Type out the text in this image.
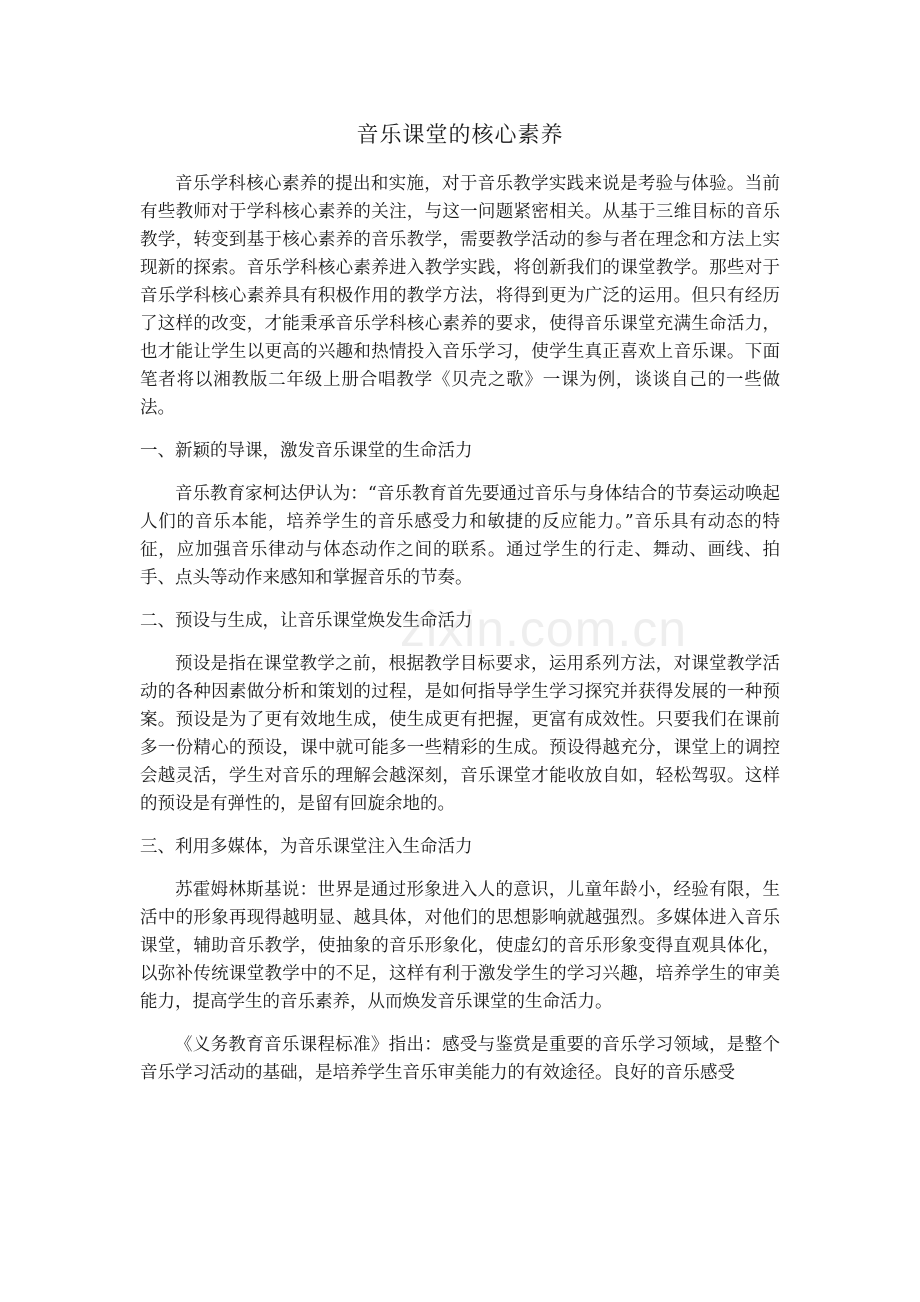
音乐课堂的核心素养

音乐学科核心素养的提出和实施，对于音乐教学实践来说是考验与体验。当前有些教师对于学科核心素养的关注，与这一问题紧密相关。从基于三维目标的音乐教学，转变到基于核心素养的音乐教学，需要教学活动的参与者在理念和方法上实现新的探索。音乐学科核心素养进入教学实践，将创新我们的课堂教学。那些对于音乐学科核心素养具有积极作用的教学方法，将得到更为广泛的运用。但只有经历了这样的改变，才能秉承音乐学科核心素养的要求，使得音乐课堂充满生命活力，也才能让学生以更高的兴趣和热情投入音乐学习，使学生真正喜欢上音乐课。下面笔者将以湘教版二年级上册合唱教学《贝壳之歌》一课为例，谈谈自己的一些做法。

一、新颖的导课，激发音乐课堂的生命活力

音乐教育家柯达伊认为：“音乐教育首先要通过音乐与身体结合的节奏运动唤起人们的音乐本能，培养学生的音乐感受力和敏捷的反应能力。”音乐具有动态的特征，应加强音乐律动与体态动作之间的联系。通过学生的行走、舞动、画线、拍手、点头等动作来感知和掌握音乐的节奏。

二、预设与生成，让音乐课堂焕发生命活力

预设是指在课堂教学之前，根据教学目标要求，运用系列方法，对课堂教学活动的各种因素做分析和策划的过程，是如何指导学生学习探究并获得发展的一种预案。预设是为了更有效地生成，使生成更有把握，更富有成效性。只要我们在课前多一份精心的预设，课中就可能多一些精彩的生成。预设得越充分，课堂上的调控会越灵活，学生对音乐的理解会越深刻，音乐课堂才能收放自如，轻松驾驭。这样的预设是有弹性的，是留有回旋余地的。

三、利用多媒体，为音乐课堂注入生命活力

苏霍姆林斯基说：世界是通过形象进入人的意识，儿童年龄小，经验有限，生活中的形象再现得越明显、越具体，对他们的思想影响就越强烈。多媒体进入音乐课堂，辅助音乐教学，使抽象的音乐形象化，使虚幻的音乐形象变得直观具体化，以弥补传统课堂教学中的不足，这样有利于激发学生的学习兴趣，培养学生的审美能力，提高学生的音乐素养，从而焕发音乐课堂的生命活力。

《义务教育音乐课程标准》指出：感受与鉴赏是重要的音乐学习领域，是整个音乐学习活动的基础，是培养学生音乐审美能力的有效途径。良好的音乐感受

zixin.com.cn
